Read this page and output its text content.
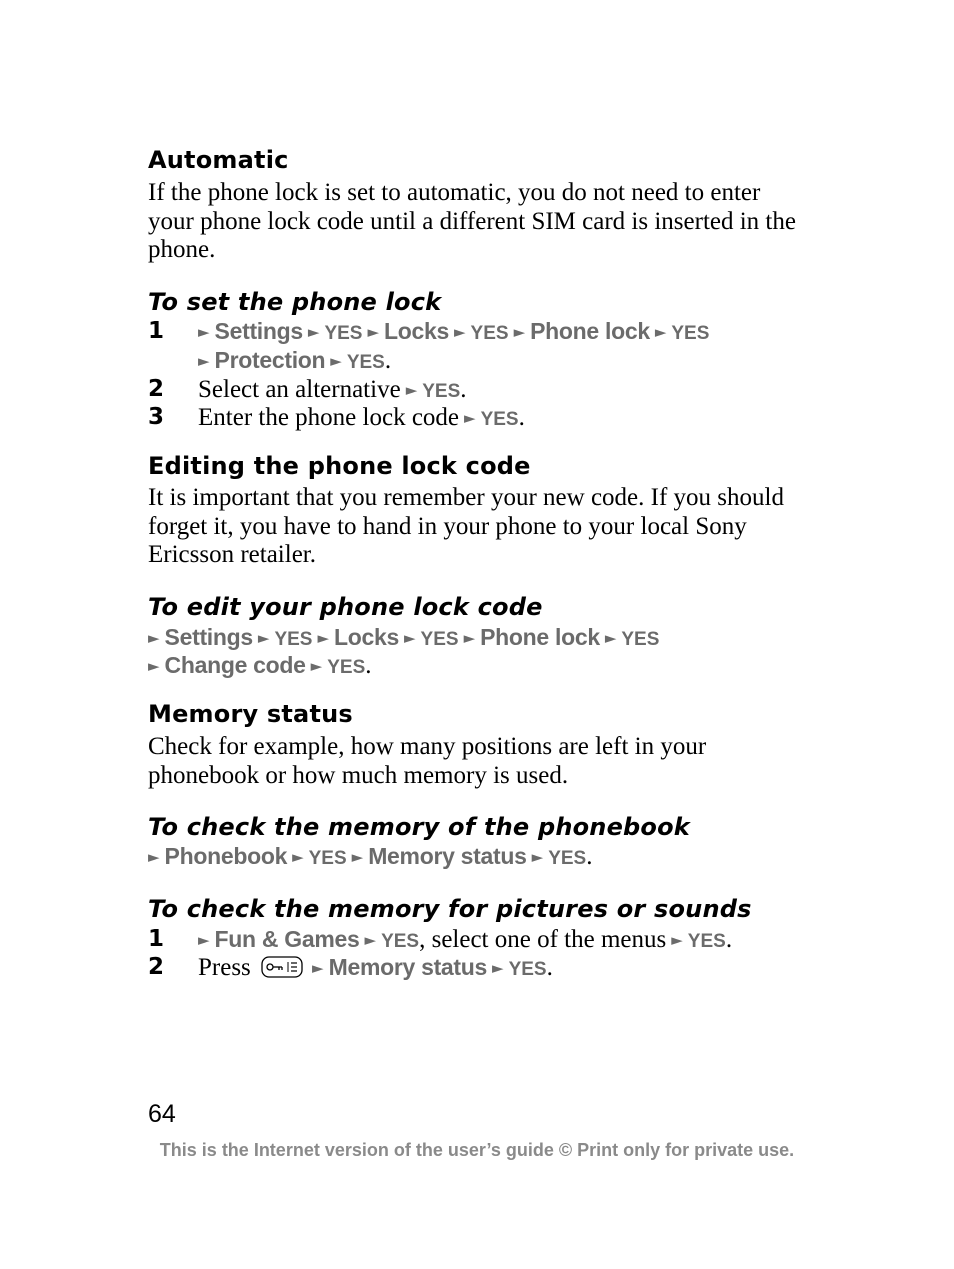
Automatic
If the phone lock is set to automatic, you do not need to enter your phone lock code until a different SIM card is inserted in the phone.
To set the phone lock
1 ► Settings ► YES ► Locks ► YES ► Phone lock ► YES
► Protection ► YES.
2 Select an alternative ► YES.
3 Enter the phone lock code ► YES.
Editing the phone lock code
It is important that you remember your new code. If you should forget it, you have to hand in your phone to your local Sony Ericsson retailer.
To edit your phone lock code
► Settings ► YES ► Locks ► YES ► Phone lock ► YES
► Change code ► YES.
Memory status
Check for example, how many positions are left in your phonebook or how much memory is used.
To check the memory of the phonebook
► Phonebook ► YES ► Memory status ► YES.
To check the memory for pictures or sounds
1 ► Fun & Games ► YES, select one of the menus ► YES.
2 Press	► Memory status ► YES.
64
This is the Internet version of the user’s guide © Print only for private use.
